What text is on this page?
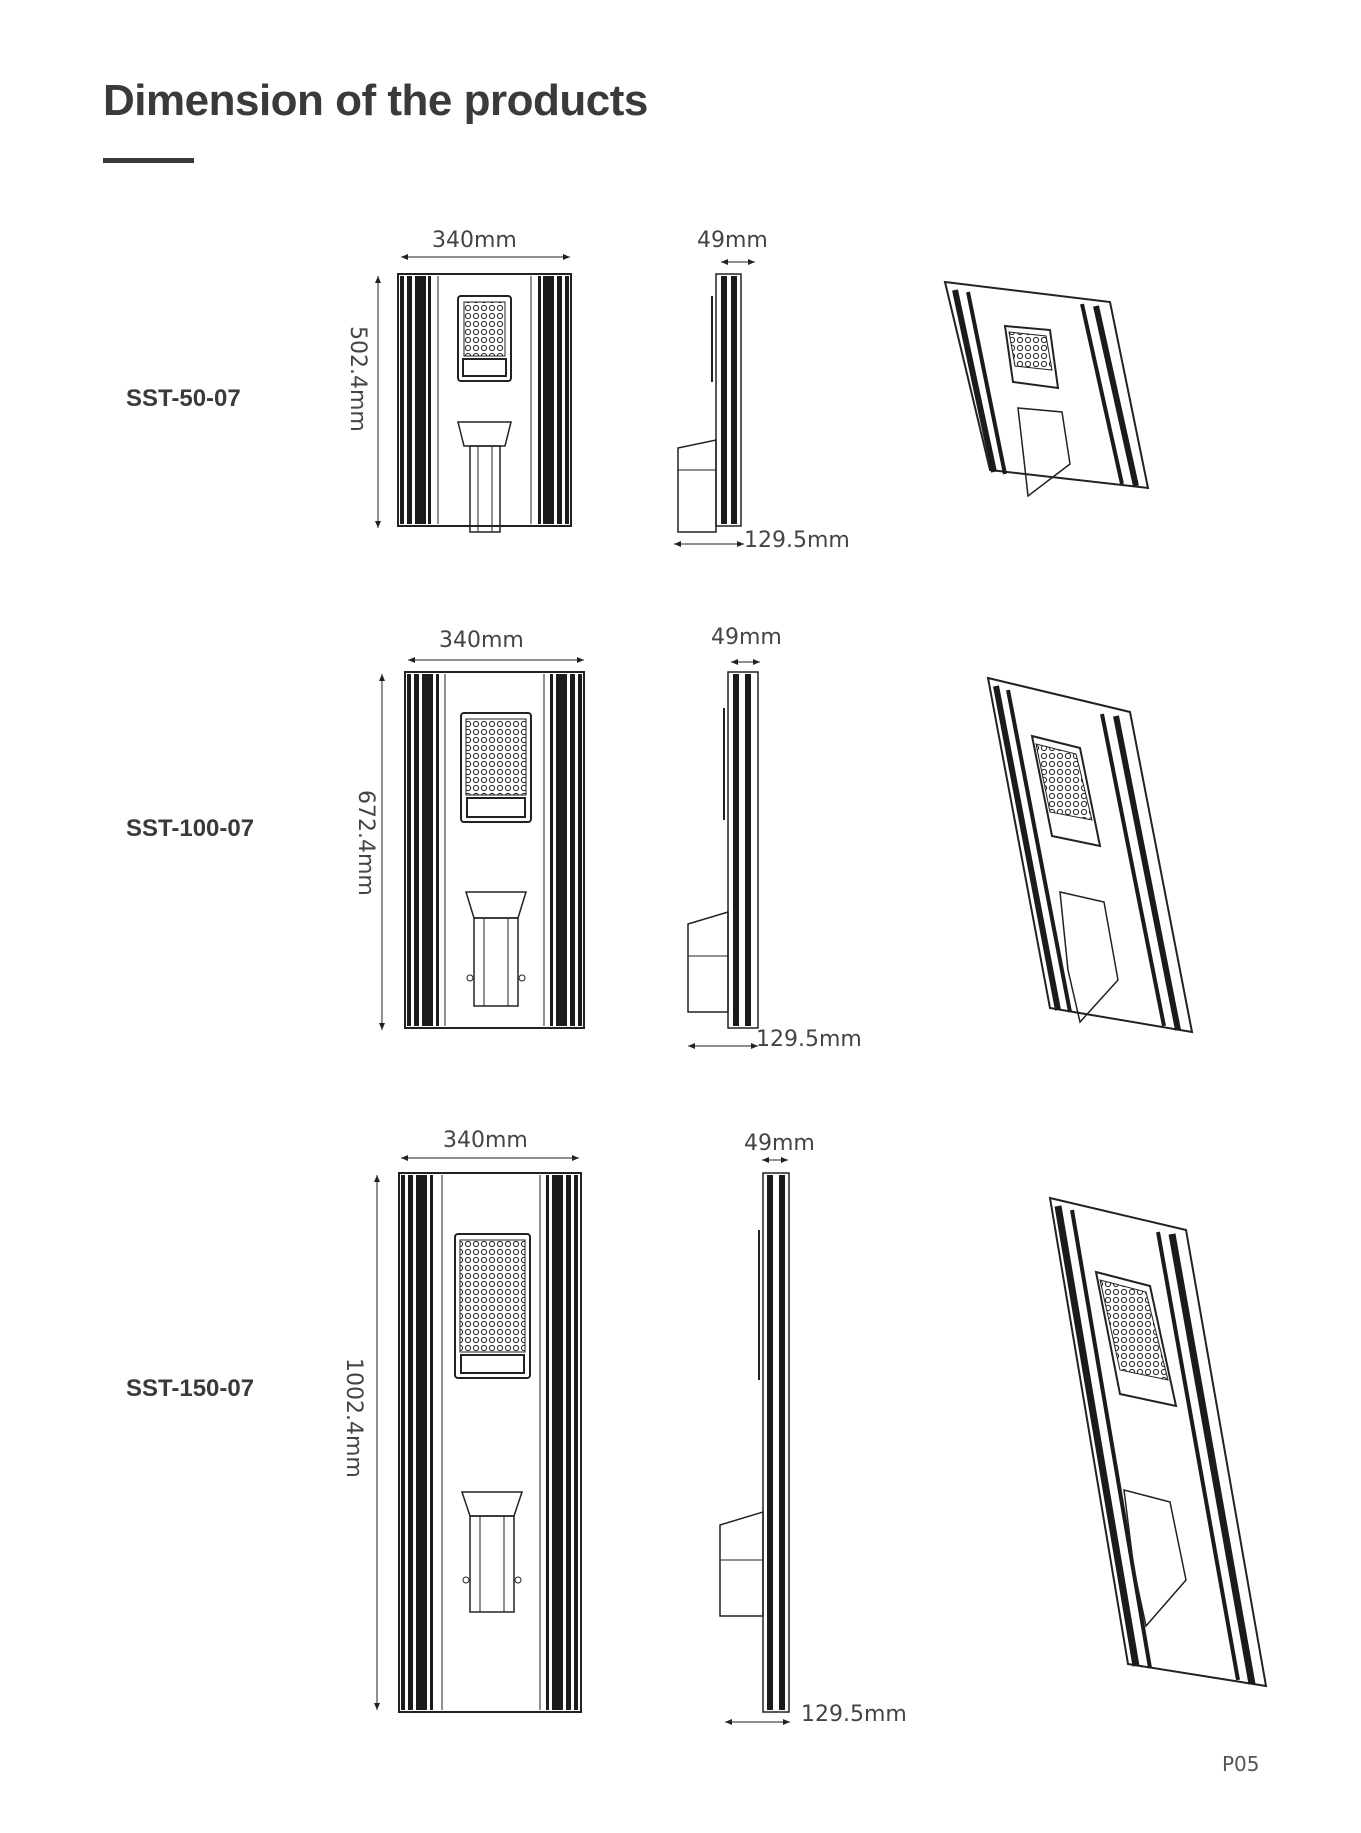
Dimension of the products
SST-50-07
340mm
502.4mm
49mm
129.5mm
SST-100-07
340mm
672.4mm
49mm
129.5mm
SST-150-07
340mm
1002.4mm
49mm
129.5mm
P05
